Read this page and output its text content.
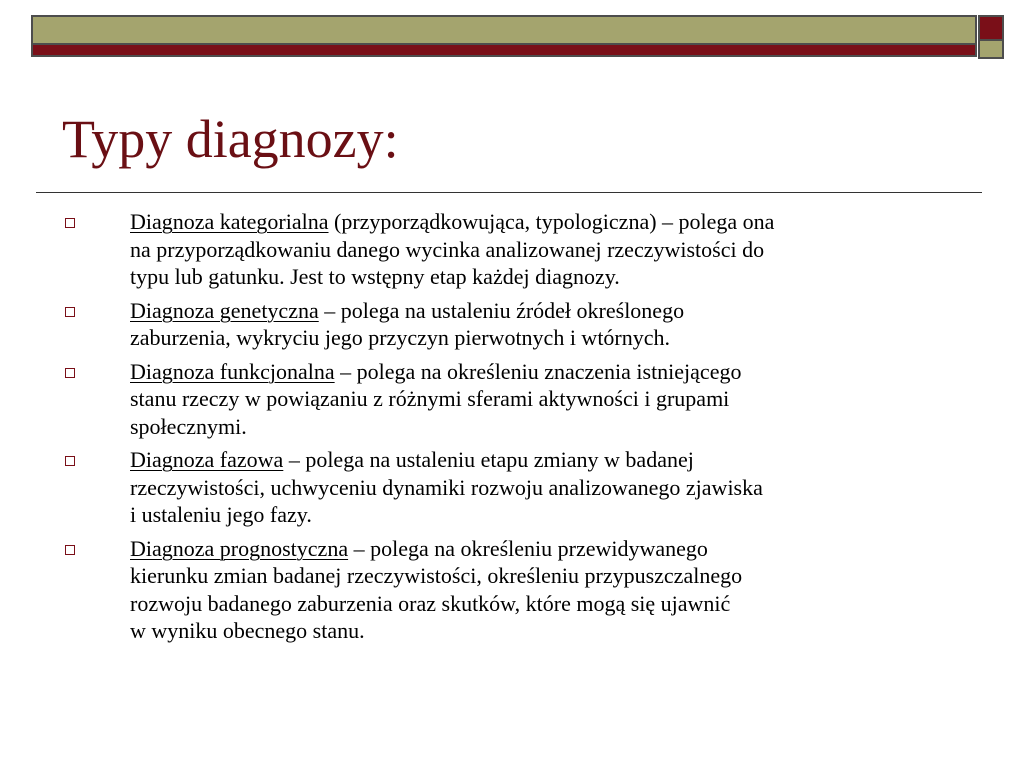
Typy diagnozy:
Diagnoza kategorialna (przyporządkowująca, typologiczna) – polega ona
na przyporządkowaniu danego wycinka analizowanej rzeczywistości do
typu lub gatunku. Jest to wstępny etap każdej diagnozy.
Diagnoza genetyczna – polega na ustaleniu źródeł określonego
zaburzenia, wykryciu jego przyczyn pierwotnych i wtórnych.
Diagnoza funkcjonalna – polega na określeniu znaczenia istniejącego
stanu rzeczy w powiązaniu z różnymi sferami aktywności i grupami
społecznymi.
Diagnoza fazowa – polega na ustaleniu etapu zmiany w badanej
rzeczywistości, uchwyceniu dynamiki rozwoju analizowanego zjawiska
i ustaleniu jego fazy.
Diagnoza prognostyczna – polega na określeniu przewidywanego
kierunku zmian badanej rzeczywistości, określeniu przypuszczalnego
rozwoju badanego zaburzenia oraz skutków, które mogą się ujawnić
w wyniku obecnego stanu.
